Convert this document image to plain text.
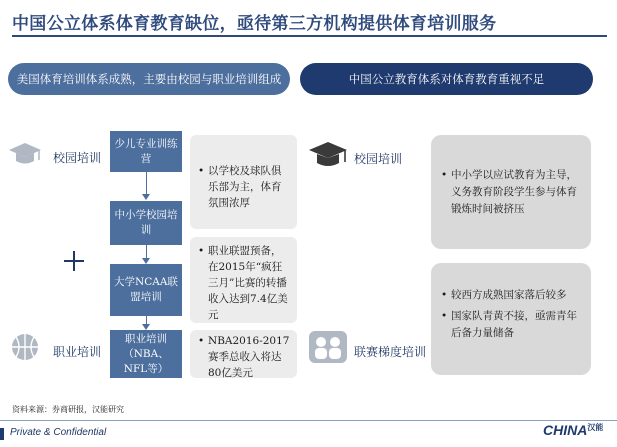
中国公立体系体育教育缺位，亟待第三方机构提供体育培训服务
美国体育培训体系成熟，主要由校园与职业培训组成	中国公立教育体系对体育教育重视不足
校园培训
职业培训
少儿专业训练营
中小学校园培训
大学NCAA联盟培训
职业培训（NBA、NFL等）
• 以学校及球队俱乐部为主，体育氛围浓厚
• 职业联盟预备，在2015年“疯狂三月”比赛的转播收入达到7.4亿美元
• NBA2016-2017赛季总收入将达80亿美元
校园培训
联赛梯度培训
• 中小学以应试教育为主导，义务教育阶段学生参与体育锻炼时间被挤压
• 较西方成熟国家落后较多
• 国家队青黄不接，亟需青年后备力量储备
资料来源：券商研报，汉能研究
Private & Confidential	$CHINA^{汉能}$
